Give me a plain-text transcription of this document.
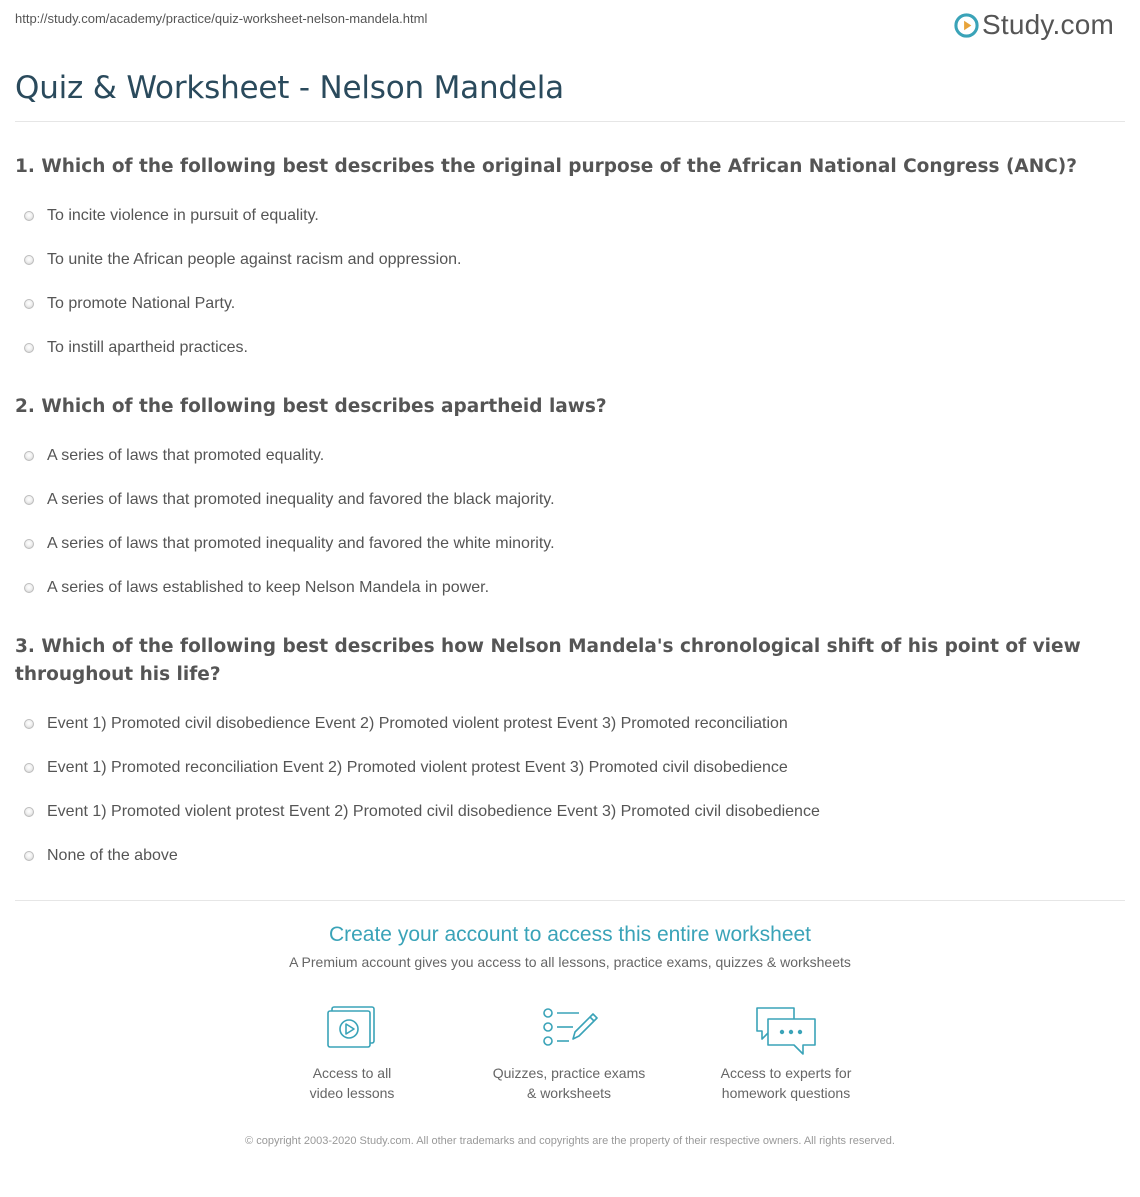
http://study.com/academy/practice/quiz-worksheet-nelson-mandela.html	Study.com
Quiz & Worksheet - Nelson Mandela

1. Which of the following best describes the original purpose of the African National Congress (ANC)?

To incite violence in pursuit of equality.
To unite the African people against racism and oppression.
To promote National Party.
To instill apartheid practices.

2. Which of the following best describes apartheid laws?

A series of laws that promoted equality.
A series of laws that promoted inequality and favored the black majority.
A series of laws that promoted inequality and favored the white minority.
A series of laws established to keep Nelson Mandela in power.

3. Which of the following best describes how Nelson Mandela's chronological shift of his point of view throughout his life?

Event 1) Promoted civil disobedience Event 2) Promoted violent protest Event 3) Promoted reconciliation
Event 1) Promoted reconciliation Event 2) Promoted violent protest Event 3) Promoted civil disobedience
Event 1) Promoted violent protest Event 2) Promoted civil disobedience Event 3) Promoted civil disobedience
None of the above
Create your account to access this entire worksheet
A Premium account gives you access to all lessons, practice exams, quizzes & worksheets
Access to all
video lessons
Quizzes, practice exams
& worksheets
Access to experts for
homework questions
© copyright 2003-2020 Study.com. All other trademarks and copyrights are the property of their respective owners. All rights reserved.
